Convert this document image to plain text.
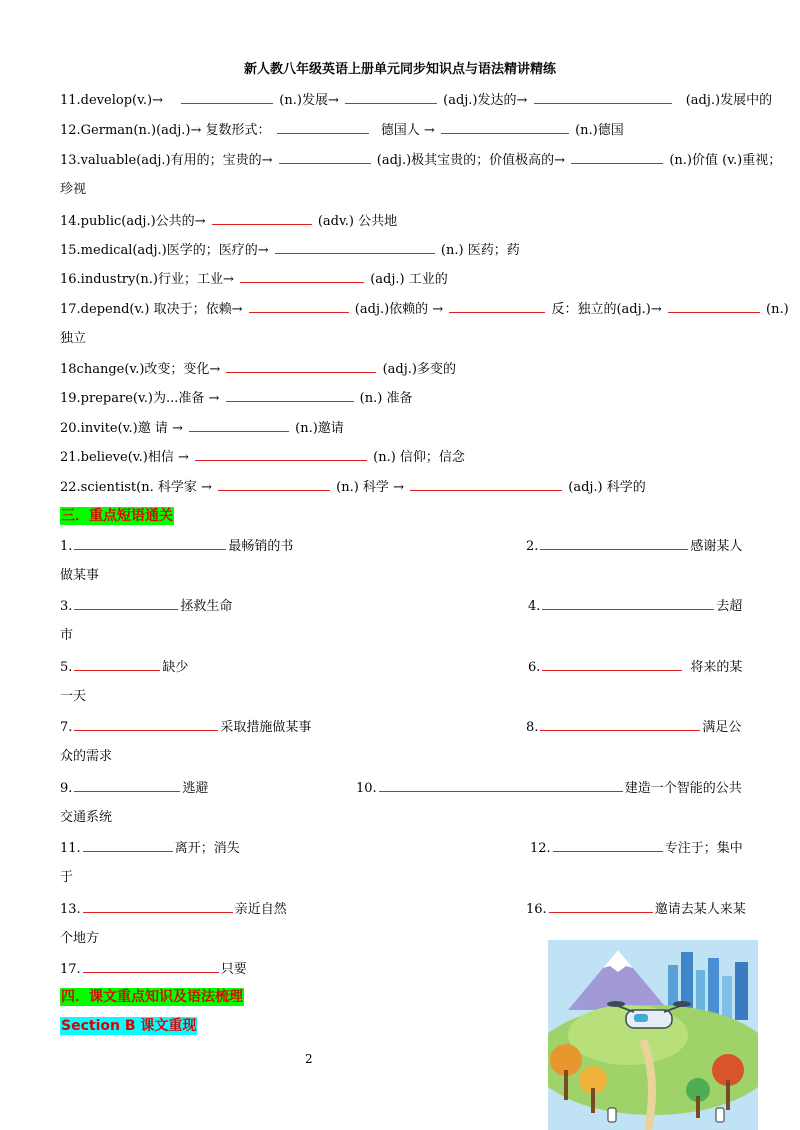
新人教八年级英语上册单元同步知识点与语法精讲精练
11.develop(v.)→	(n.)发展→	(adj.)发达的→	(adj.)发展中的
12.German(n.)(adj.)→ 复数形式：	德国人 →	(n.)德国
13.valuable(adj.)有用的；宝贵的→	(adj.)极其宝贵的；价值极高的→	(n.)价值 (v.)重视；
珍视
14.public(adj.)公共的→	(adv.) 公共地
15.medical(adj.)医学的；医疗的→	(n.) 医药；药
16.industry(n.)行业；工业→	(adj.) 工业的
17.depend(v.) 取决于；依赖→	(adj.)依赖的 →	反：独立的(adj.)→	(n.)
独立
18change(v.)改变；变化→	(adj.)多变的
19.prepare(v.)为...准备 →	(n.) 准备
20.invite(v.)邀 请 →	(n.)邀请
21.believe(v.)相信 →	(n.) 信仰；信念
22.scientist(n. 科学家 →	(n.) 科学 →	(adj.) 科学的
三．重点短语通关
1.	最畅销的书	2.	感谢某人
做某事
3.	拯救生命	4.	去超
市
5.	缺少	6.	将来的某
一天
7.	采取措施做某事	8.	满足公
众的需求
9.	逃避	10.	建造一个智能的公共
交通系统
11.	离开；消失	12.	专注于；集中
于
13.	亲近自然	16.	邀请去某人来某
个地方
17.	只要
四．课文重点知识及语法梳理
Section B 课文重现
2
